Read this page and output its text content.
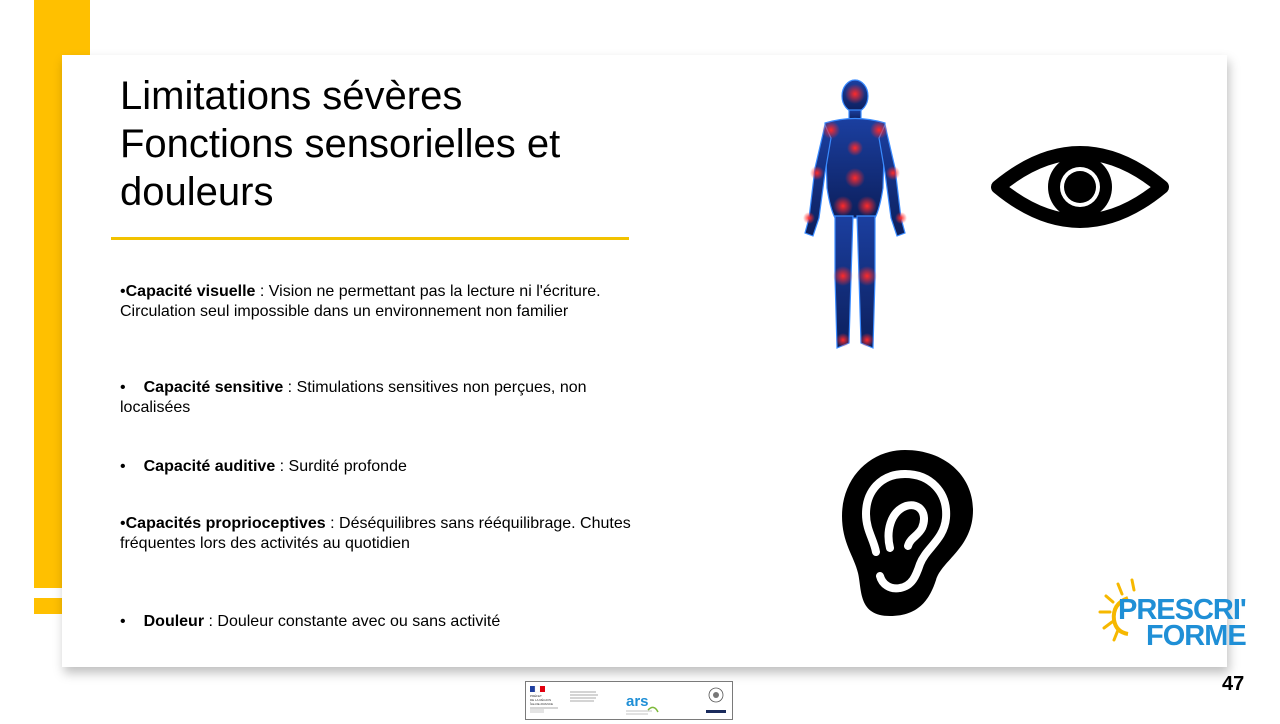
Limitations sévères
Fonctions sensorielles et
douleurs
•Capacité visuelle : Vision ne permettant pas la lecture ni l'écriture. Circulation seul impossible dans un environnement non familier
• Capacité sensitive : Stimulations sensitives non perçues, non localisées
• Capacité auditive : Surdité profonde
•Capacités proprioceptives : Déséquilibres sans rééquilibrage. Chutes fréquentes lors des activités au quotidien
• Douleur : Douleur constante avec ou sans activité	PRESCRI'
FORME
PRÉFET
DE LA RÉGION
ÎLE-DE-FRANCE	ars
47
